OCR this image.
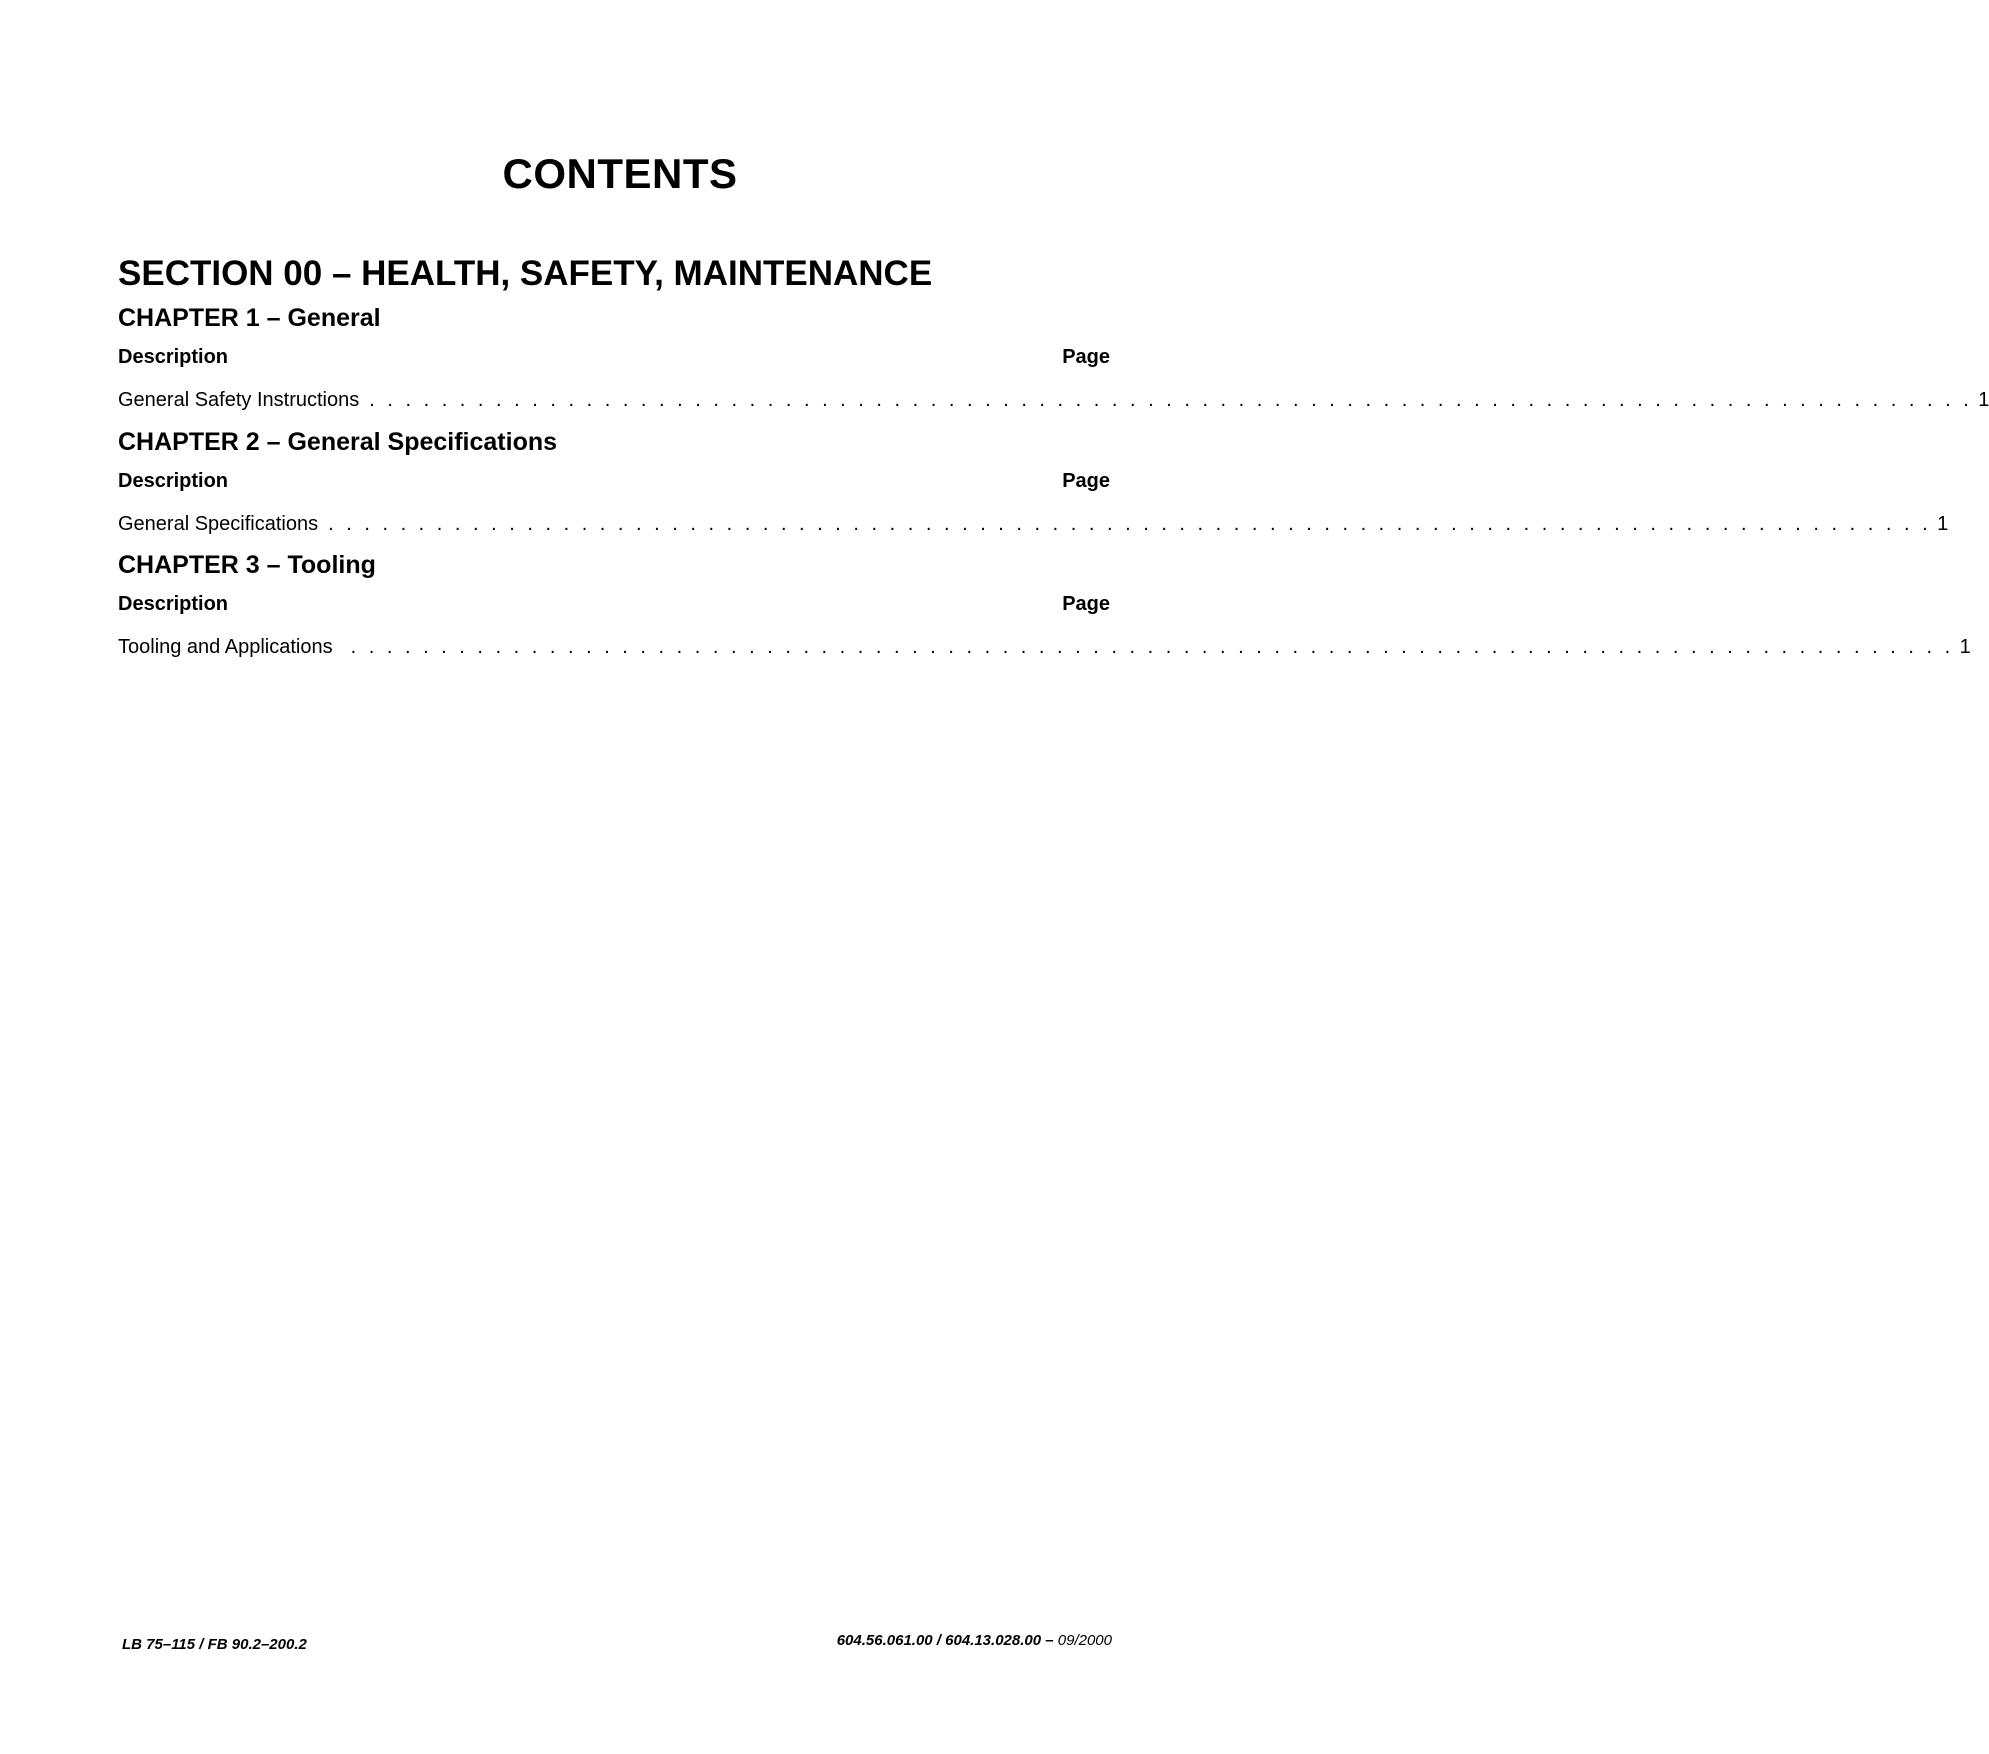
CONTENTS
SECTION 00 – HEALTH, SAFETY, MAINTENANCE
CHAPTER 1 – General
Description	Page
General Safety Instructions . . . . . . . . . . . . . . . . . . . . . . . . . . . . . . . . . . . . . . . . . . . . . . . . . . . . . . . . . . . . . . . . . . . . . . . . . . . . . . . . . . . . . . . . . 1
CHAPTER 2 – General Specifications
Description	Page
General Specifications . . . . . . . . . . . . . . . . . . . . . . . . . . . . . . . . . . . . . . . . . . . . . . . . . . . . . . . . . . . . . . . . . . . . . . . . . . . . . . . . . . . . . . . . . 1
CHAPTER 3 – Tooling
Description	Page
Tooling and Applications . . . . . . . . . . . . . . . . . . . . . . . . . . . . . . . . . . . . . . . . . . . . . . . . . . . . . . . . . . . . . . . . . . . . . . . . . . . . . . . . . . . . . . . . . 1
LB 75–115 / FB 90.2–200.2	604.56.061.00 / 604.13.028.00 – 09/2000
